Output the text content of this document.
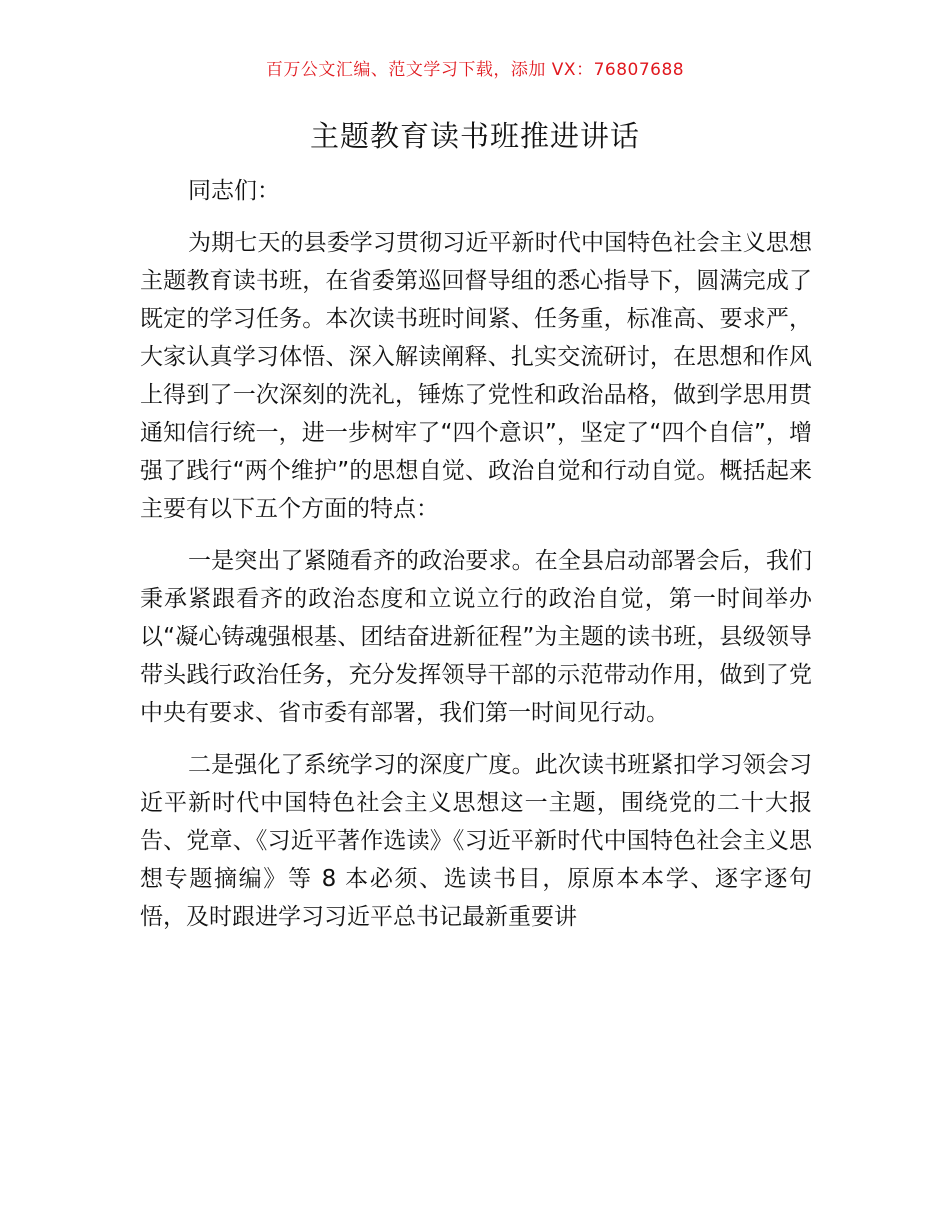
百万公文汇编、范文学习下载，添加 VX：76807688
主题教育读书班推进讲话

同志们：

为期七天的县委学习贯彻习近平新时代中国特色社会主义思想主题教育读书班，在省委第巡回督导组的悉心指导下，圆满完成了既定的学习任务。本次读书班时间紧、任务重，标准高、要求严，大家认真学习体悟、深入解读阐释、扎实交流研讨，在思想和作风上得到了一次深刻的洗礼，锤炼了党性和政治品格，做到学思用贯通知信行统一，进一步树牢了“四个意识”，坚定了“四个自信”，增强了践行“两个维护”的思想自觉、政治自觉和行动自觉。概括起来主要有以下五个方面的特点：

一是突出了紧随看齐的政治要求。在全县启动部署会后，我们秉承紧跟看齐的政治态度和立说立行的政治自觉，第一时间举办以“凝心铸魂强根基、团结奋进新征程”为主题的读书班，县级领导带头践行政治任务，充分发挥领导干部的示范带动作用，做到了党中央有要求、省市委有部署，我们第一时间见行动。

二是强化了系统学习的深度广度。此次读书班紧扣学习领会习近平新时代中国特色社会主义思想这一主题，围绕党的二十大报告、党章、《习近平著作选读》《习近平新时代中国特色社会主义思想专题摘编》等 8 本必须、选读书目，原原本本学、逐字逐句悟，及时跟进学习习近平总书记最新重要讲
